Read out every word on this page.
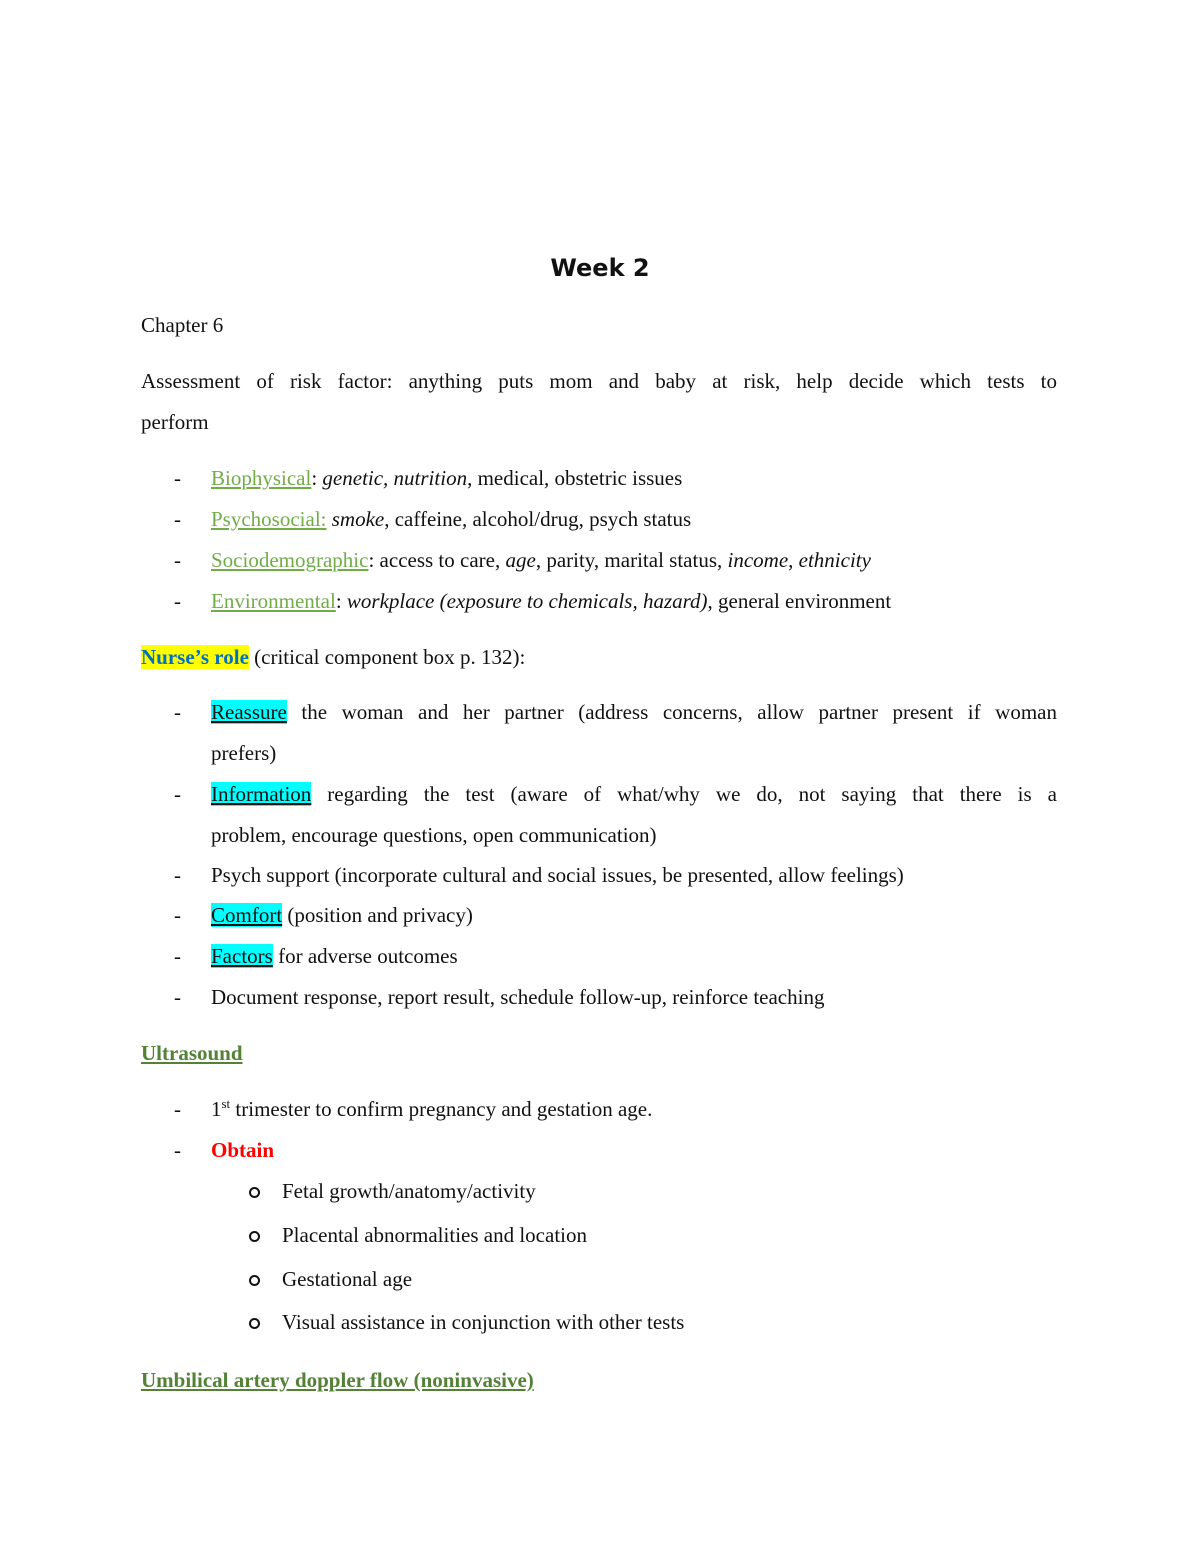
Week 2
Chapter 6
Assessment of risk factor: anything puts mom and baby at risk, help decide which tests to
perform
- Biophysical: genetic, nutrition, medical, obstetric issues
- Psychosocial: smoke, caffeine, alcohol/drug, psych status
- Sociodemographic: access to care, age, parity, marital status, income, ethnicity
- Environmental: workplace (exposure to chemicals, hazard), general environment
Nurse’s role (critical component box p. 132):
- Reassure the woman and her partner (address concerns, allow partner present if woman
prefers)
- Information regarding the test (aware of what/why we do, not saying that there is a
problem, encourage questions, open communication)
- Psych support (incorporate cultural and social issues, be presented, allow feelings)
- Comfort (position and privacy)
- Factors for adverse outcomes
- Document response, report result, schedule follow-up, reinforce teaching
Ultrasound
- 1st trimester to confirm pregnancy and gestation age.
- Obtain
Fetal growth/anatomy/activity
Placental abnormalities and location
Gestational age
Visual assistance in conjunction with other tests
Umbilical artery doppler flow (noninvasive)
